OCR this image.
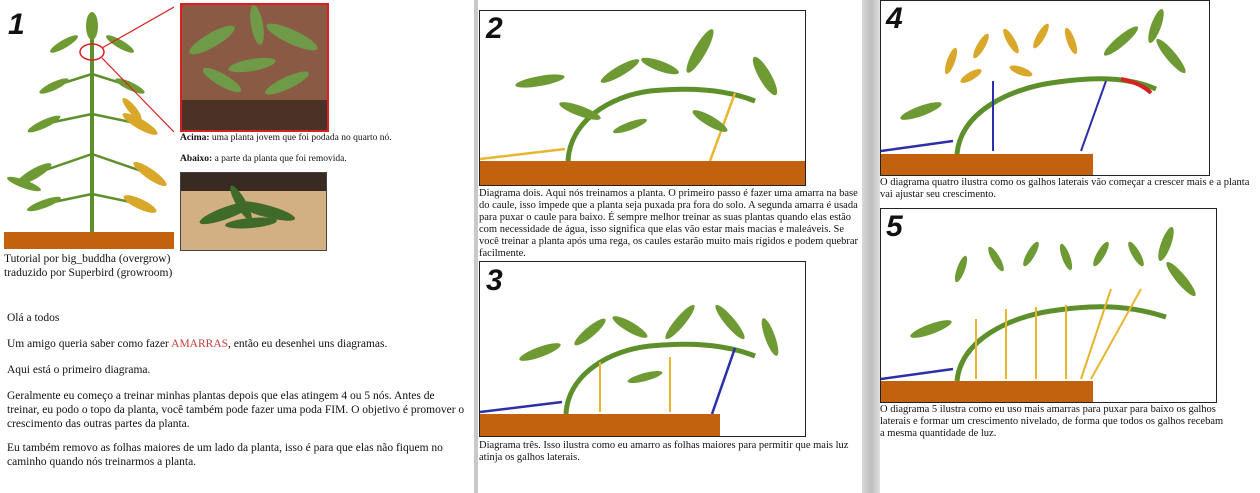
1
Acima: uma planta jovem que foi podada no quarto nó.
Abaixo: a parte da planta que foi removida.
Tutorial por big_buddha (overgrow)
traduzido por Superbird (growroom)
Olá a todos
Um amigo queria saber como fazer AMARRAS, então eu desenhei uns diagramas.
Aqui está o primeiro diagrama.
Geralmente eu começo a treinar minhas plantas depois que elas atingem 4 ou 5 nós. Antes de treinar, eu podo o topo da planta, você também pode fazer uma poda FIM. O objetivo é promover o crescimento das outras partes da planta.
Eu também removo as folhas maiores de um lado da planta, isso é para que elas não fiquem no caminho quando nós treinarmos a planta.
2
Diagrama dois. Aqui nós treinamos a planta. O primeiro passo é fazer uma amarra na base do caule, isso impede que a planta seja puxada pra fora do solo. A segunda amarra é usada para puxar o caule para baixo. É sempre melhor treinar as suas plantas quando elas estão com necessidade de água, isso significa que elas vão estar mais macias e maleáveis. Se você treinar a planta após uma rega, os caules estarão muito mais rígidos e podem quebrar facilmente.
3
Diagrama três. Isso ilustra como eu amarro as folhas maiores para permitir que mais luz atinja os galhos laterais.
4
O diagrama quatro ilustra como os galhos laterais vão começar a crescer mais e a planta vai ajustar seu crescimento.
5
O diagrama 5 ilustra como eu uso mais amarras para puxar para baixo os galhos laterais e formar um crescimento nivelado, de forma que todos os galhos recebam a mesma quantidade de luz.
